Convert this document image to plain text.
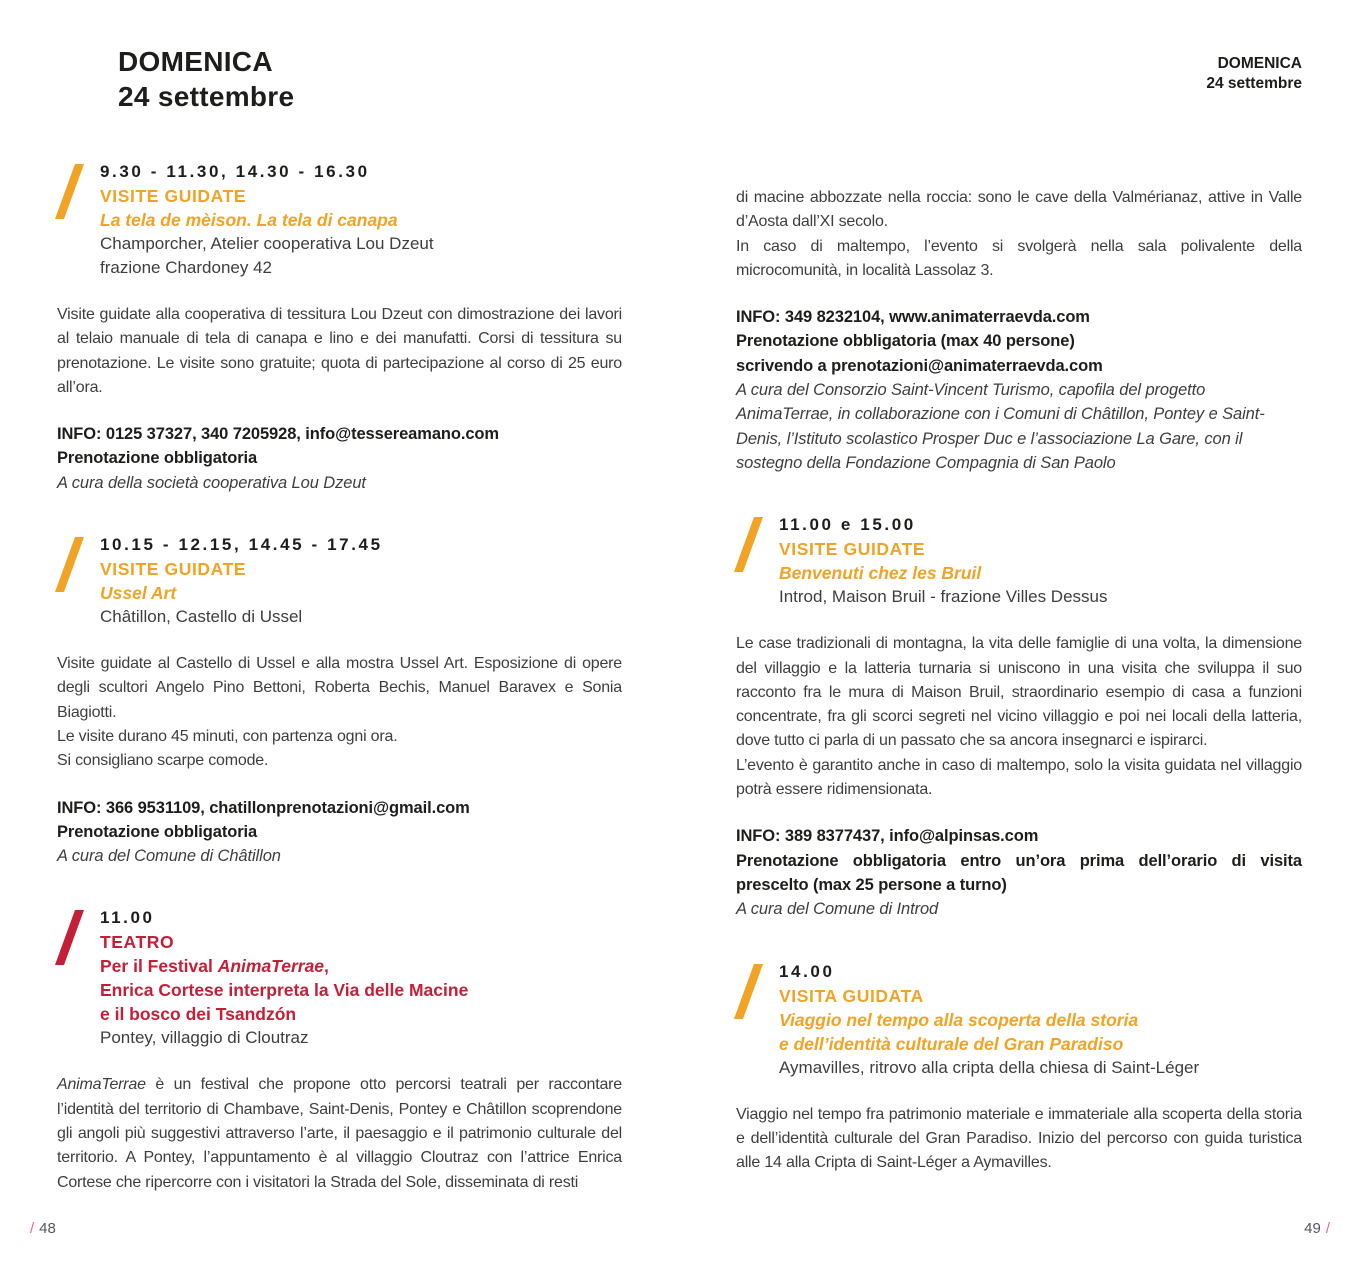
DOMENICA
24 settembre
DOMENICA
24 settembre
9.30 - 11.30, 14.30 - 16.30
VISITE GUIDATE
La tela de mèison. La tela di canapa
Champorcher, Atelier cooperativa Lou Dzeut
frazione Chardoney 42
Visite guidate alla cooperativa di tessitura Lou Dzeut con dimostrazione dei lavori al telaio manuale di tela di canapa e lino e dei manufatti. Corsi di tessitura su prenotazione. Le visite sono gratuite; quota di partecipazione al corso di 25 euro all’ora.
INFO: 0125 37327, 340 7205928, info@tessereamano.com
Prenotazione obbligatoria
A cura della società cooperativa Lou Dzeut
10.15 - 12.15, 14.45 - 17.45
VISITE GUIDATE
Ussel Art
Châtillon, Castello di Ussel
Visite guidate al Castello di Ussel e alla mostra Ussel Art. Esposizione di opere degli scultori Angelo Pino Bettoni, Roberta Bechis, Manuel Baravex e Sonia Biagiotti.
Le visite durano 45 minuti, con partenza ogni ora.
Si consigliano scarpe comode.
INFO: 366 9531109, chatillonprenotazioni@gmail.com
Prenotazione obbligatoria
A cura del Comune di Châtillon
11.00
TEATRO
Per il Festival AnimaTerrae,
Enrica Cortese interpreta la Via delle Macine
e il bosco dei Tsandzón
Pontey, villaggio di Cloutraz
AnimaTerrae è un festival che propone otto percorsi teatrali per raccontare l’identità del territorio di Chambave, Saint-Denis, Pontey e Châtillon scoprendone gli angoli più suggestivi attraverso l’arte, il paesaggio e il patrimonio culturale del territorio. A Pontey, l’appuntamento è al villaggio Cloutraz con l’attrice Enrica Cortese che ripercorre con i visitatori la Strada del Sole, disseminata di resti
di macine abbozzate nella roccia: sono le cave della Valmérianaz, attive in Valle d’Aosta dall’XI secolo.
In caso di maltempo, l’evento si svolgerà nella sala polivalente della microcomunità, in località Lassolaz 3.
INFO: 349 8232104, www.animaterraevda.com
Prenotazione obbligatoria (max 40 persone)
scrivendo a prenotazioni@animaterraevda.com
A cura del Consorzio Saint-Vincent Turismo, capofila del progetto AnimaTerrae, in collaborazione con i Comuni di Châtillon, Pontey e Saint-Denis, l’Istituto scolastico Prosper Duc e l’associazione La Gare, con il sostegno della Fondazione Compagnia di San Paolo
11.00 e 15.00
VISITE GUIDATE
Benvenuti chez les Bruil
Introd, Maison Bruil - frazione Villes Dessus
Le case tradizionali di montagna, la vita delle famiglie di una volta, la dimensione del villaggio e la latteria turnaria si uniscono in una visita che sviluppa il suo racconto fra le mura di Maison Bruil, straordinario esempio di casa a funzioni concentrate, fra gli scorci segreti nel vicino villaggio e poi nei locali della latteria, dove tutto ci parla di un passato che sa ancora insegnarci e ispirarci.
L’evento è garantito anche in caso di maltempo, solo la visita guidata nel villaggio potrà essere ridimensionata.
INFO: 389 8377437, info@alpinsas.com
Prenotazione obbligatoria entro un’ora prima dell’orario di visita prescelto (max 25 persone a turno)
A cura del Comune di Introd
14.00
VISITA GUIDATA
Viaggio nel tempo alla scoperta della storia
e dell’identità culturale del Gran Paradiso
Aymavilles, ritrovo alla cripta della chiesa di Saint-Léger
Viaggio nel tempo fra patrimonio materiale e immateriale alla scoperta della storia e dell’identità culturale del Gran Paradiso. Inizio del percorso con guida turistica alle 14 alla Cripta di Saint-Léger a Aymavilles.
/ 48	49 /
